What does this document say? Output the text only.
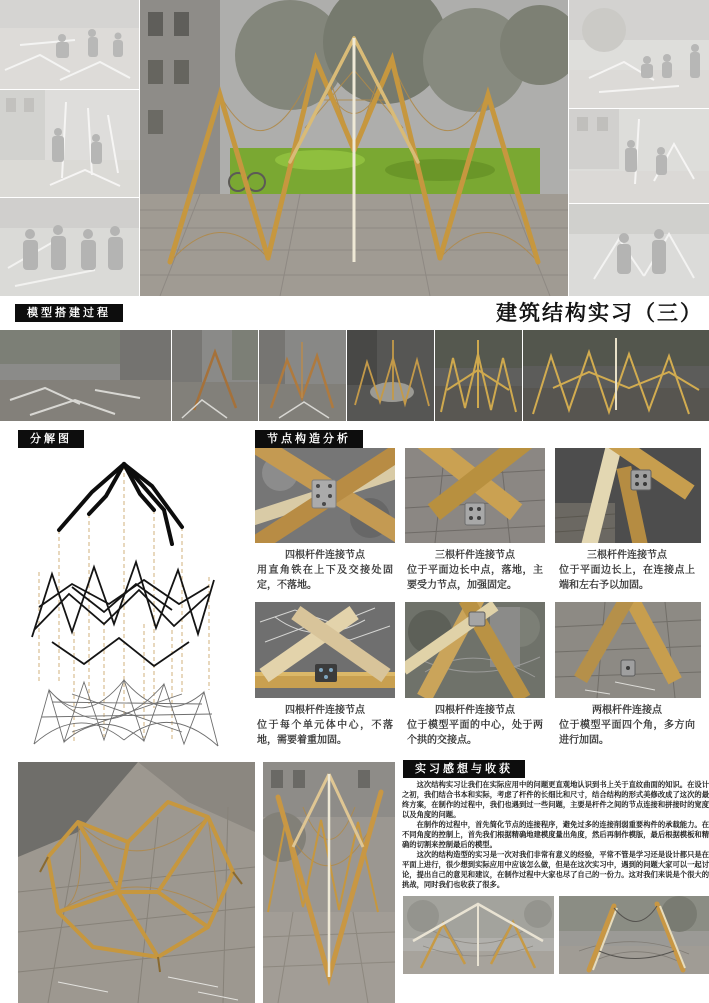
模型搭建过程	建筑结构实习（三）
分解图	节点构造分析

四根杆件连接节点

用直角铁在上下及交接处固定，不落地。

三根杆件连接节点

位于平面边长中点，落地，主要受力节点，加强固定。

三根杆件连接节点

位于平面边长上，在连接点上端和左右予以加固。

四根杆件连接节点

位于每个单元体中心，不落地，需要着重加固。

四根杆件连接节点

位于模型平面的中心，处于两个拱的交接点。

两根杆件连接点

位于模型平面四个角，多方向进行加固。

实习感想与收获

这次结构实习让我们在实际应用中的问题更直观地认识到书上关于直纹曲面的知识。在设计之初，我们结合书本和实际，考虑了杆件的长细比和尺寸，结合结构的形式美修改成了这次的最终方案，在制作的过程中，我们也遇到过一些问题，主要是杆件之间的节点连接和拼接时的宽度以及角度的问题。

在制作的过程中，首先简化节点的连接程序，避免过多的连接削弱重要构件的承载能力。在不同角度的控制上，首先我们根据精确地建模度量出角度，然后再制作模版，最后根据模板和精确的切割来控制最后的模型。

这次的结构造型的实习是一次对我们非常有意义的经验，平常不管是学习还是设计都只是在平面上进行，很少想到实际应用中应该怎么做，但是在这次实习中，遇到的问题大家可以一起讨论，提出自己的意见和建议，在制作过程中大家也尽了自己的一份力。这对我们来说是个很大的挑战，同时我们也收获了很多。
